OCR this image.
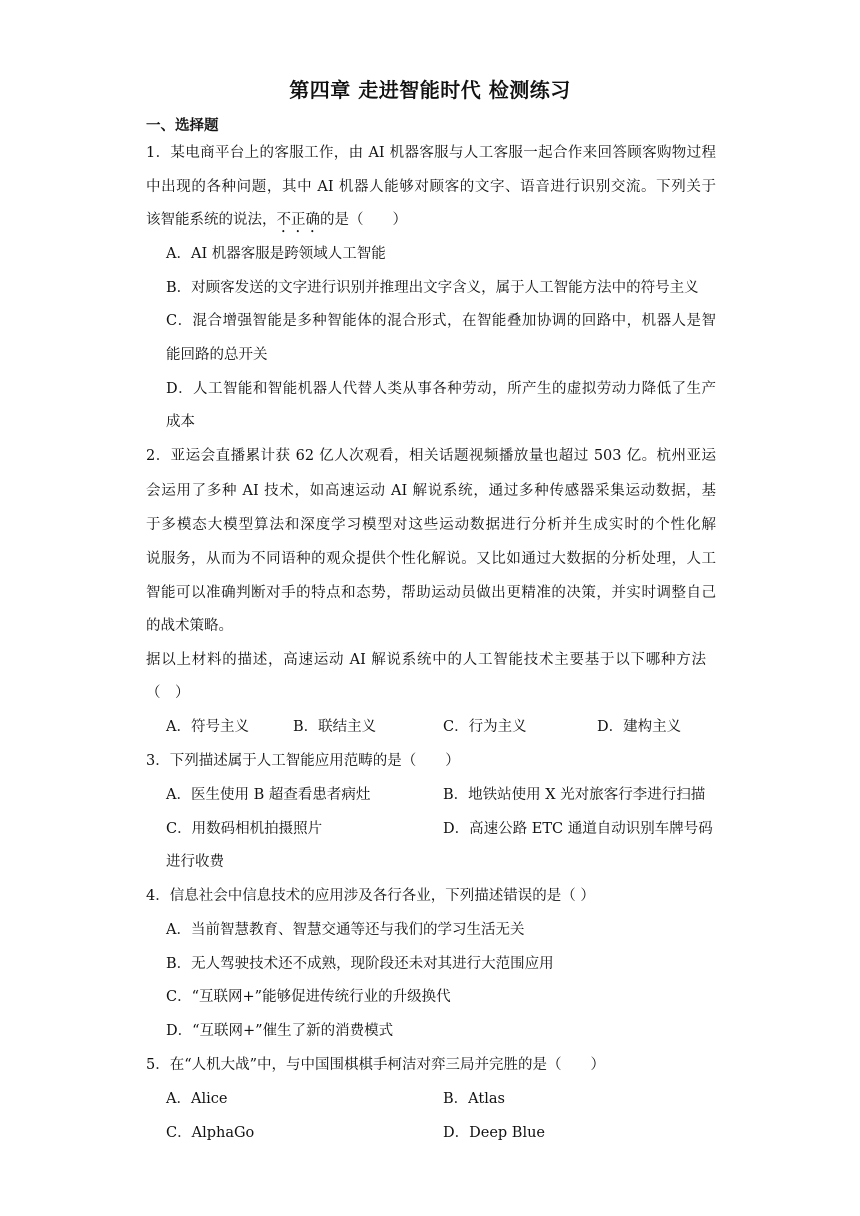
第四章 走进智能时代 检测练习
一、选择题
1．某电商平台上的客服工作，由 AI 机器客服与人工客服一起合作来回答顾客购物过程
中出现的各种问题，其中 AI 机器人能够对顾客的文字、语音进行识别交流。下列关于
该智能系统的说法，不正确的是（　　）
A．AI 机器客服是跨领域人工智能
B．对顾客发送的文字进行识别并推理出文字含义，属于人工智能方法中的符号主义
C．混合增强智能是多种智能体的混合形式，在智能叠加协调的回路中，机器人是智
能回路的总开关
D．人工智能和智能机器人代替人类从事各种劳动，所产生的虚拟劳动力降低了生产
成本
2．亚运会直播累计获 62 亿人次观看，相关话题视频播放量也超过 503 亿。杭州亚运
会运用了多种 AI 技术，如高速运动 AI 解说系统，通过多种传感器采集运动数据，基
于多模态大模型算法和深度学习模型对这些运动数据进行分析并生成实时的个性化解
说服务，从而为不同语种的观众提供个性化解说。又比如通过大数据的分析处理，人工
智能可以准确判断对手的特点和态势，帮助运动员做出更精准的决策，并实时调整自己
的战术策略。
据以上材料的描述，高速运动 AI 解说系统中的人工智能技术主要基于以下哪种方法
（　）
A．符号主义	B．联结主义	C．行为主义	D．建构主义
3．下列描述属于人工智能应用范畴的是（　　）
A．医生使用 B 超查看患者病灶	B．地铁站使用 X 光对旅客行李进行扫描
C．用数码相机拍摄照片	D．高速公路 ETC 通道自动识别车牌号码
进行收费
4．信息社会中信息技术的应用涉及各行各业，下列描述错误的是（ ）
A．当前智慧教育、智慧交通等还与我们的学习生活无关
B．无人驾驶技术还不成熟，现阶段还未对其进行大范围应用
C．“互联网+”能够促进传统行业的升级换代
D．“互联网+”催生了新的消费模式
5．在“人机大战”中，与中国围棋棋手柯洁对弈三局并完胜的是（　　）
A．Alice	B．Atlas
C．AlphaGo	D．Deep Blue
